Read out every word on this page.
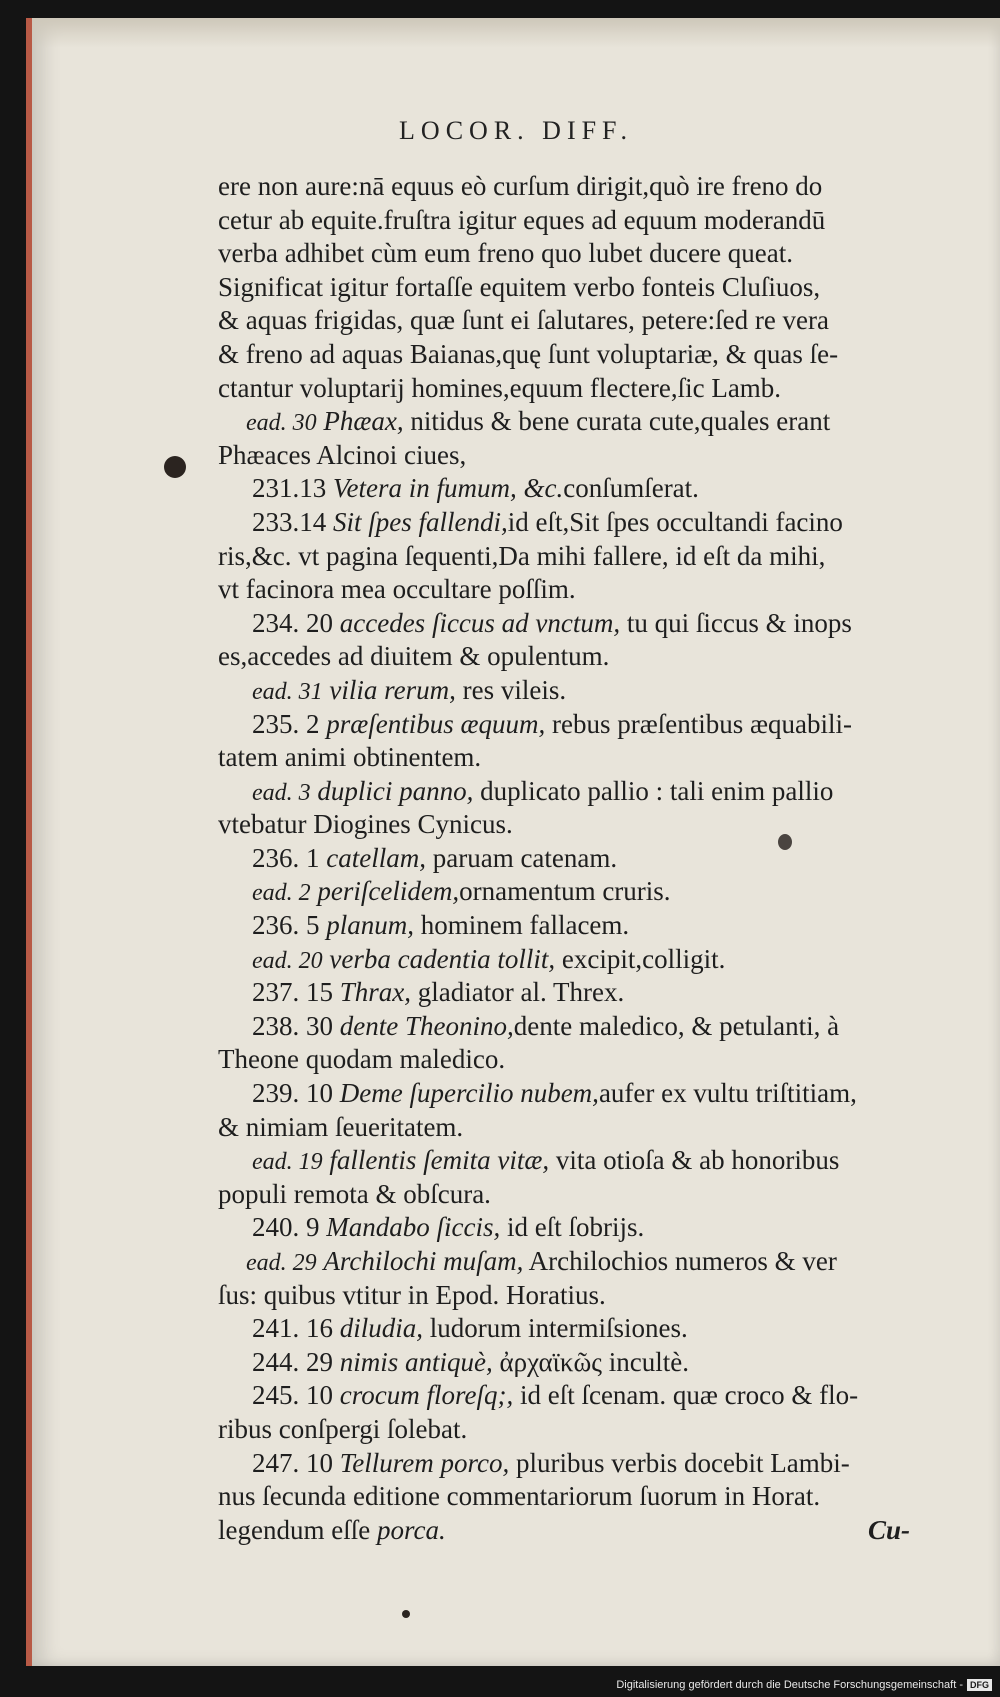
LOCOR. DIFF.
ere non aure:nā equus eò curſum dirigit,quò ire freno do
cetur ab equite.fruſtra igitur eques ad equum moderandū
verba adhibet cùm eum freno quo lubet ducere queat.
Significat igitur fortaſſe equitem verbo fonteis Cluſiuos,
& aquas frigidas, quæ ſunt ei ſalutares, petere:ſed re vera
& freno ad aquas Baianas,quę ſunt voluptariæ, & quas ſe-
ctantur voluptarij homines,equum flectere,ſic Lamb.
ead. 30 Phæax, nitidus & bene curata cute,quales erant
Phæaces Alcinoi ciues,
231.13 Vetera in fumum, &c.conſumſerat.
233.14 Sit ſpes fallendi,id eſt,Sit ſpes occultandi facino
ris,&c. vt pagina ſequenti,Da mihi fallere, id eſt da mihi,
vt facinora mea occultare poſſim.
234. 20 accedes ſiccus ad vnctum, tu qui ſiccus & inops
es,accedes ad diuitem & opulentum.
ead. 31 vilia rerum, res vileis.
235. 2 præſentibus æquum, rebus præſentibus æquabili-
tatem animi obtinentem.
ead. 3 duplici panno, duplicato pallio : tali enim pallio
vtebatur Diogines Cynicus.
236. 1 catellam, paruam catenam.
ead. 2 periſcelidem,ornamentum cruris.
236. 5 planum, hominem fallacem.
ead. 20 verba cadentia tollit, excipit,colligit.
237. 15 Thrax, gladiator al. Threx.
238. 30 dente Theonino,dente maledico, & petulanti, à
Theone quodam maledico.
239. 10 Deme ſupercilio nubem,aufer ex vultu triſtitiam,
& nimiam ſeueritatem.
ead. 19 fallentis ſemita vitæ, vita otioſa & ab honoribus
populi remota & obſcura.
240. 9 Mandabo ſiccis, id eſt ſobrijs.
ead. 29 Archilochi muſam, Archilochios numeros & ver
ſus: quibus vtitur in Epod. Horatius.
241. 16 diludia, ludorum intermiſsiones.
244. 29 nimis antiquè, ἀρχαϊκῶς incultè.
245. 10 crocum floreſq;, id eſt ſcenam. quæ croco & flo-
ribus conſpergi ſolebat.
247. 10 Tellurem porco, pluribus verbis docebit Lambi-
nus ſecunda editione commentariorum ſuorum in Horat.
legendum eſſe porca.	Cu-
Digitalisierung gefördert durch die Deutsche Forschungsgemeinschaft - DFG
